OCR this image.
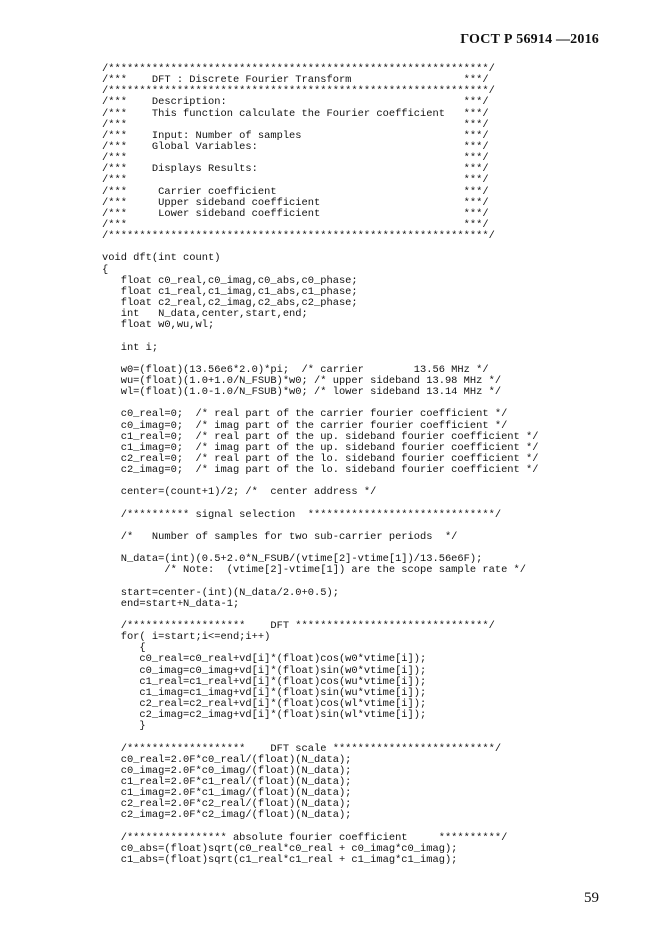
ГОСТ Р 56914 —2016
/*************************************************************/
/***    DFT : Discrete Fourier Transform                  ***/
/*************************************************************/
/***    Description:                                      ***/
/***    This function calculate the Fourier coefficient   ***/
/***                                                      ***/
/***    Input: Number of samples                          ***/
/***    Global Variables:                                 ***/
/***                                                      ***/
/***    Displays Results:                                 ***/
/***                                                      ***/
/***     Carrier coefficient                              ***/
/***     Upper sideband coefficient                       ***/
/***     Lower sideband coefficient                       ***/
/***                                                      ***/
/*************************************************************/
void dft(int count)
{
float c0_real,c0_imag,c0_abs,c0_phase;
float c1_real,c1_imag,c1_abs,c1_phase;
float c2_real,c2_imag,c2_abs,c2_phase;
int   N_data,center,start,end;
float w0,wu,wl;
int i;
w0=(float)(13.56e6*2.0)*pi;  /* carrier        13.56 MHz */
wu=(float)(1.0+1.0/N_FSUB)*w0; /* upper sideband 13.98 MHz */
wl=(float)(1.0-1.0/N_FSUB)*w0; /* lower sideband 13.14 MHz */
c0_real=0;  /* real part of the carrier fourier coefficient */
c0_imag=0;  /* imag part of the carrier fourier coefficient */
c1_real=0;  /* real part of the up. sideband fourier coefficient */
c1_imag=0;  /* imag part of the up. sideband fourier coefficient */
c2_real=0;  /* real part of the lo. sideband fourier coefficient */
c2_imag=0;  /* imag part of the lo. sideband fourier coefficient */
center=(count+1)/2; /*  center address */
/********** signal selection  ******************************/
/*   Number of samples for two sub-carrier periods  */
N_data=(int)(0.5+2.0*N_FSUB/(vtime[2]-vtime[1])/13.56e6F);
/* Note:  (vtime[2]-vtime[1]) are the scope sample rate */
start=center-(int)(N_data/2.0+0.5);
end=start+N_data-1;
/*******************    DFT *******************************/
for( i=start;i<=end;i++)
{
c0_real=c0_real+vd[i]*(float)cos(w0*vtime[i]);
c0_imag=c0_imag+vd[i]*(float)sin(w0*vtime[i]);
c1_real=c1_real+vd[i]*(float)cos(wu*vtime[i]);
c1_imag=c1_imag+vd[i]*(float)sin(wu*vtime[i]);
c2_real=c2_real+vd[i]*(float)cos(wl*vtime[i]);
c2_imag=c2_imag+vd[i]*(float)sin(wl*vtime[i]);
}
/*******************    DFT scale **************************/
c0_real=2.0F*c0_real/(float)(N_data);
c0_imag=2.0F*c0_imag/(float)(N_data);
c1_real=2.0F*c1_real/(float)(N_data);
c1_imag=2.0F*c1_imag/(float)(N_data);
c2_real=2.0F*c2_real/(float)(N_data);
c2_imag=2.0F*c2_imag/(float)(N_data);
/**************** absolute fourier coefficient     **********/
c0_abs=(float)sqrt(c0_real*c0_real + c0_imag*c0_imag);
c1_abs=(float)sqrt(c1_real*c1_real + c1_imag*c1_imag);
59
